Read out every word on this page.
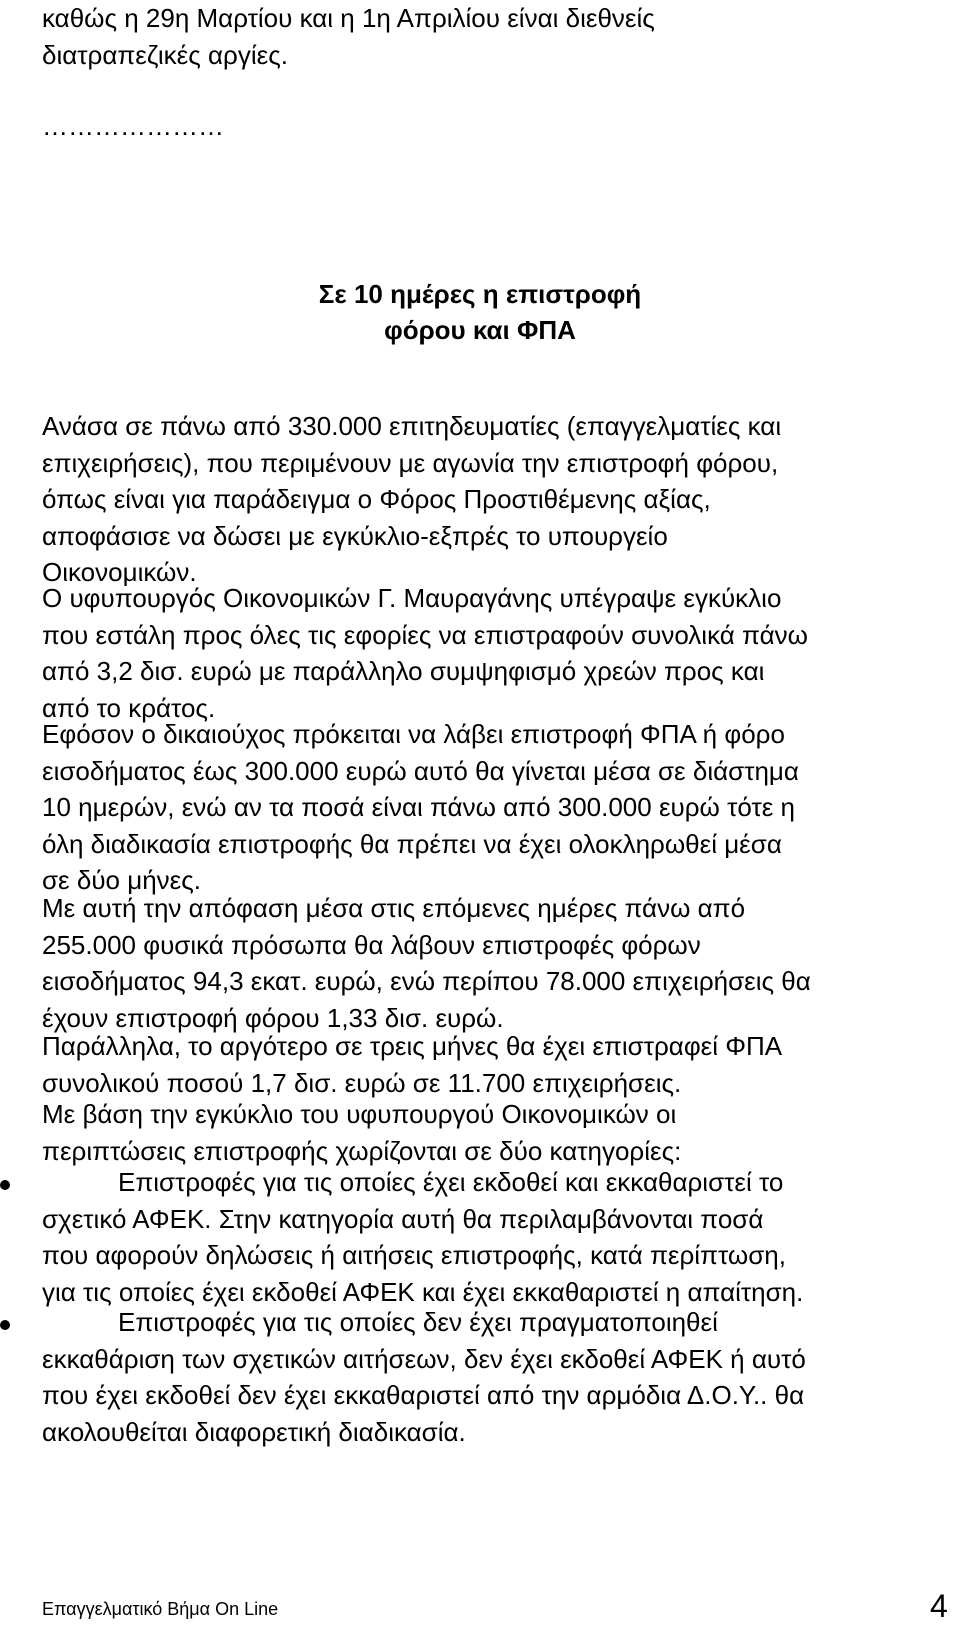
καθώς η 29η Μαρτίου και η 1η Απριλίου είναι διεθνείς
διατραπεζικές αργίες.
…………………
Σε 10 ημέρες η επιστροφή
φόρου και ΦΠΑ
Ανάσα σε πάνω από 330.000 επιτηδευματίες (επαγγελματίες και
επιχειρήσεις), που περιμένουν με αγωνία την επιστροφή φόρου,
όπως είναι για παράδειγμα ο Φόρος Προστιθέμενης αξίας,
αποφάσισε να δώσει με εγκύκλιο-εξπρές το υπουργείο
Οικονομικών.
Ο υφυπουργός Οικονομικών Γ. Μαυραγάνης υπέγραψε εγκύκλιο
που εστάλη προς όλες τις εφορίες να επιστραφούν συνολικά πάνω
από 3,2 δισ. ευρώ με παράλληλο συμψηφισμό χρεών προς και
από το κράτος.
Εφόσον ο δικαιούχος πρόκειται να λάβει επιστροφή ΦΠΑ ή φόρο
εισοδήματος έως 300.000 ευρώ αυτό θα γίνεται μέσα σε διάστημα
10 ημερών, ενώ αν τα ποσά είναι πάνω από 300.000 ευρώ τότε η
όλη διαδικασία επιστροφής θα πρέπει να έχει ολοκληρωθεί μέσα
σε δύο μήνες.
Με αυτή την απόφαση μέσα στις επόμενες ημέρες πάνω από
255.000 φυσικά πρόσωπα θα λάβουν επιστροφές φόρων
εισοδήματος 94,3 εκατ. ευρώ, ενώ περίπου 78.000 επιχειρήσεις θα
έχουν επιστροφή φόρου 1,33 δισ. ευρώ.
Παράλληλα, το αργότερο σε τρεις μήνες θα έχει επιστραφεί ΦΠΑ
συνολικού ποσού 1,7 δισ. ευρώ σε 11.700 επιχειρήσεις.
Με βάση την εγκύκλιο του υφυπουργού Οικονομικών οι
περιπτώσεις επιστροφής χωρίζονται σε δύο κατηγορίες:
Επιστροφές για τις οποίες έχει εκδοθεί και εκκαθαριστεί το
σχετικό ΑΦΕΚ. Στην κατηγορία αυτή θα περιλαμβάνονται ποσά
που αφορούν δηλώσεις ή αιτήσεις επιστροφής, κατά περίπτωση,
για τις οποίες έχει εκδοθεί ΑΦΕΚ και έχει εκκαθαριστεί η απαίτηση.
Επιστροφές για τις οποίες δεν έχει πραγματοποιηθεί
εκκαθάριση των σχετικών αιτήσεων, δεν έχει εκδοθεί ΑΦΕΚ ή αυτό
που έχει εκδοθεί δεν έχει εκκαθαριστεί από την αρμόδια Δ.Ο.Υ.. θα
ακολουθείται διαφορετική διαδικασία.
Επαγγελματικό Βήμα On Line	4
